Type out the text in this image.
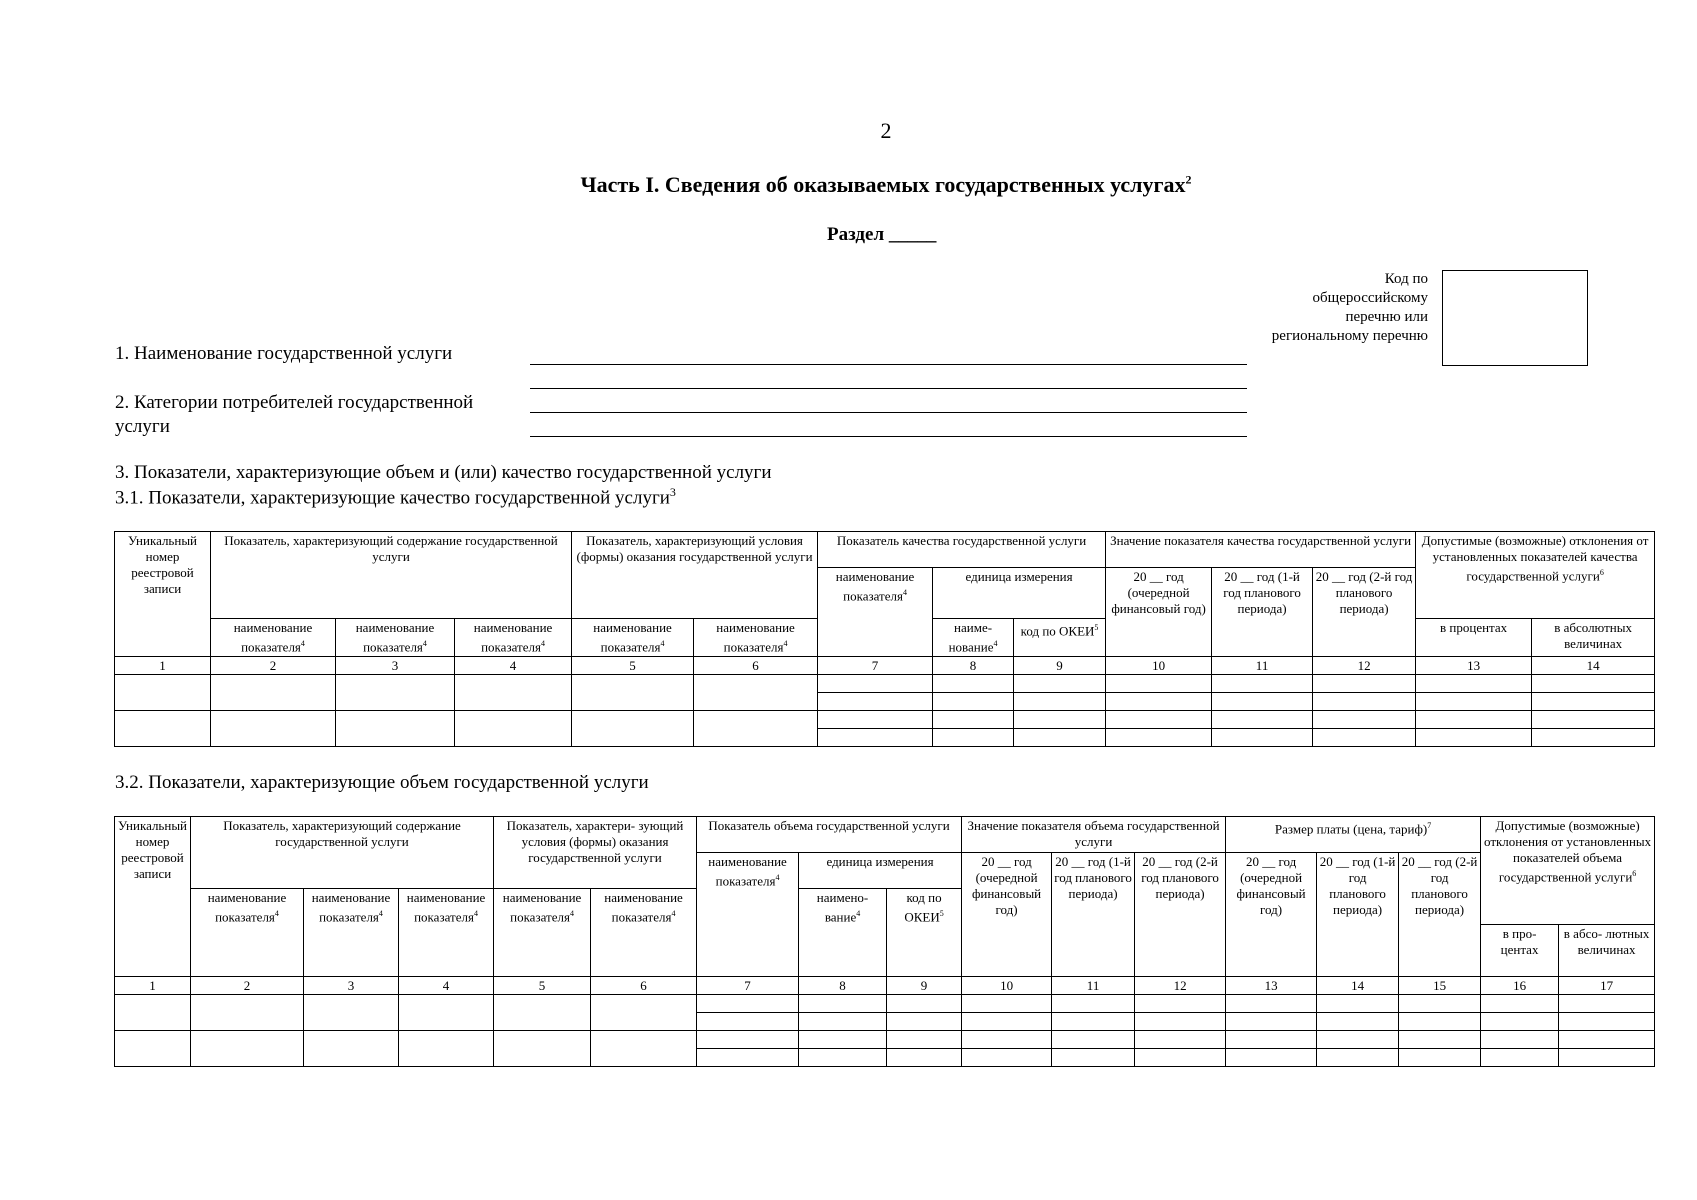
2
Часть I. Сведения об оказываемых государственных услугах$^2$
Раздел _____
Код по общероссийскому перечню или региональному перечню
1. Наименование государственной услуги
2. Категории потребителей государственной
услуги
3. Показатели, характеризующие объем и (или) качество государственной услуги
3.1. Показатели, характеризующие качество государственной услуги$^3$
Уникальный номер реестровой записи	Показатель, характеризующий содержание государственной услуги			Показатель, характеризующий условия (формы) оказания государственной услуги		Показатель качества государственной услуги			Значение показателя качества государственной услуги			Допустимые (возможные) отклонения от установленных показателей качества государственной услуги$^6$
						наименование показателя$^4$	единица измерения		20 __ год (очередной финансовый год)	20 __ год (1-й год планового периода)	20 __ год (2-й год планового периода)		
	наименование показателя$^4$	наименование показателя$^4$	наименование показателя$^4$	наименование показателя$^4$	наименование показателя$^4$		наиме- нование$^4$	код по ОКЕИ$^5$				в процентах	в абсолютных величинах
1	2	3	4	5	6	7	8	9	10	11	12	13	14

3.2. Показатели, характеризующие объем государственной услуги
Уникальный номер реестровой записи	Показатель, характеризующий содержание государственной услуги			Показатель, характери- зующий условия (формы) оказания государственной услуги		Показатель объема государственной услуги			Значение показателя объема государственной услуги			Размер платы (цена, тариф)$^7$			Допустимые (возможные) отклонения от установленных показателей объема государственной услуги$^6$
						наименование показателя$^4$	единица измерения		20 __ год (очередной финансовый год)	20 __ год (1-й год планового периода)	20 __ год (2-й год планового периода)	20 __ год (очередной финансовый год)	20 __ год (1-й год планового периода)	20 __ год (2-й год планового периода)		
	наименование показателя$^4$	наименование показателя$^4$	наименование показателя$^4$	наименование показателя$^4$	наименование показателя$^4$		наимено- вание$^4$	код по ОКЕИ$^5$
															в про- центах	в абсо- лютных величинах
1	2	3	4	5	6	7	8	9	10	11	12	13	14	15	16	17
